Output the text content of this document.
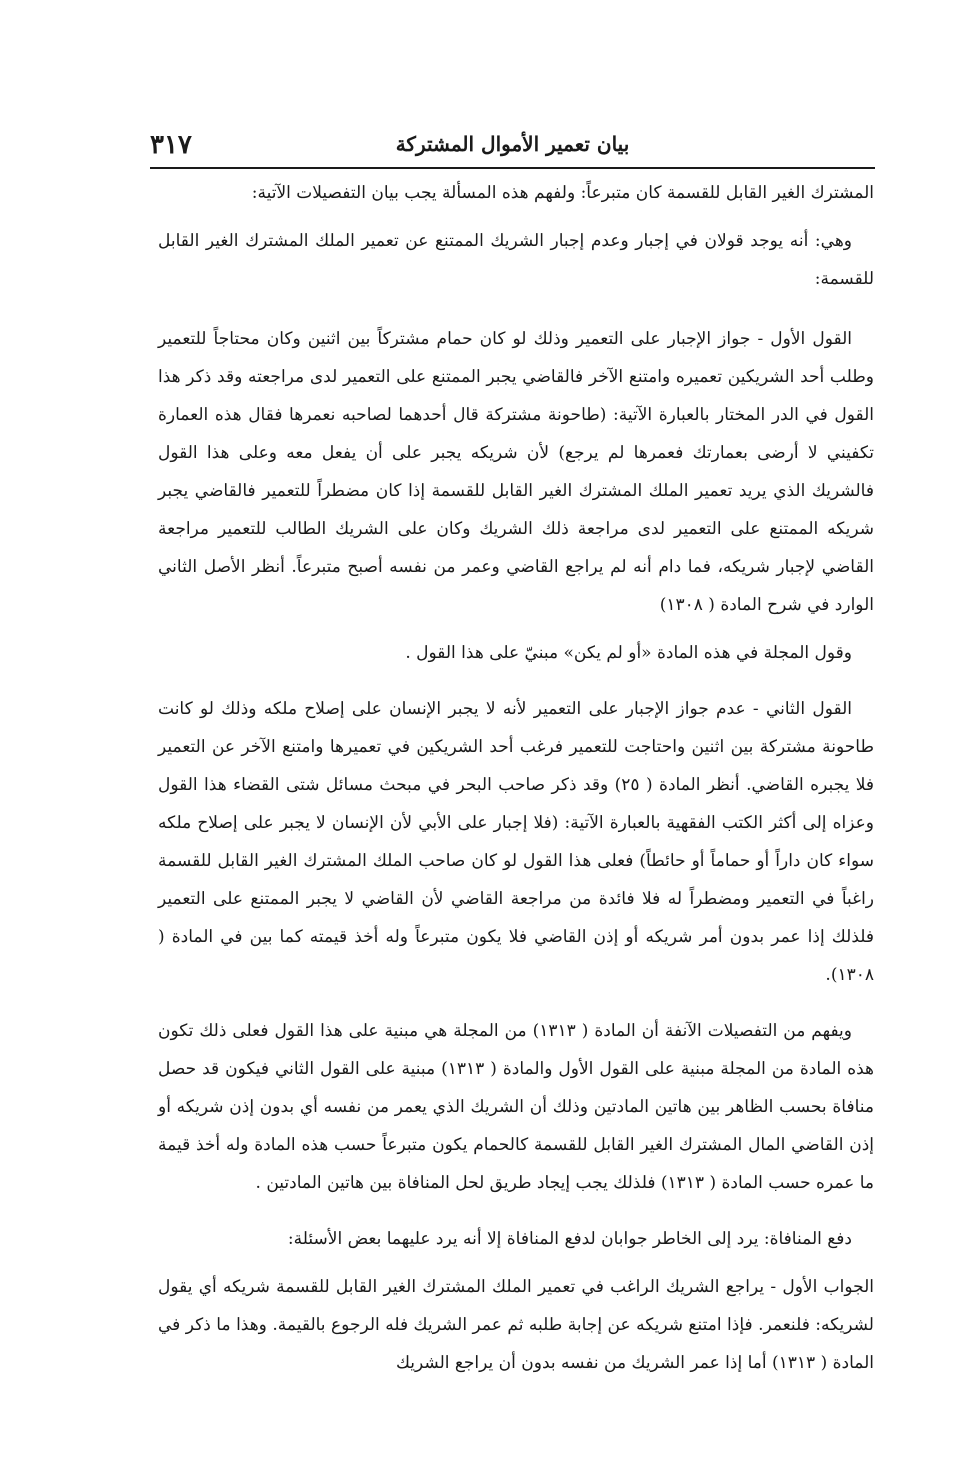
٣١٧	بيان تعمير الأموال المشتركة

المشترك الغير القابل للقسمة كان متبرعاً: ولفهم هذه المسألة يجب بيان التفصيلات الآتية:

وهي: أنه يوجد قولان في إجبار وعدم إجبار الشريك الممتنع عن تعمير الملك المشترك الغير القابل للقسمة:

القول الأول - جواز الإجبار على التعمير وذلك لو كان حمام مشتركاً بين اثنين وكان محتاجاً للتعمير وطلب أحد الشريكين تعميره وامتنع الآخر فالقاضي يجبر الممتنع على التعمير لدى مراجعته وقد ذكر هذا القول في الدر المختار بالعبارة الآتية: (طاحونة مشتركة قال أحدهما لصاحبه نعمرها فقال هذه العمارة تكفيني لا أرضى بعمارتك فعمرها لم يرجع) لأن شريكه يجبر على أن يفعل معه وعلى هذا القول فالشريك الذي يريد تعمير الملك المشترك الغير القابل للقسمة إذا كان مضطراً للتعمير فالقاضي يجبر شريكه الممتنع على التعمير لدى مراجعة ذلك الشريك وكان على الشريك الطالب للتعمير مراجعة القاضي لإجبار شريكه، فما دام أنه لم يراجع القاضي وعمر من نفسه أصبح متبرعاً. أنظر الأصل الثاني الوارد في شرح المادة ( ١٣٠٨)

وقول المجلة في هذه المادة «أو لم يكن» مبنيّ على هذا القول .

القول الثاني - عدم جواز الإجبار على التعمير لأنه لا يجبر الإنسان على إصلاح ملكه وذلك لو كانت طاحونة مشتركة بين اثنين واحتاجت للتعمير فرغب أحد الشريكين في تعميرها وامتنع الآخر عن التعمير فلا يجبره القاضي. أنظر المادة ( ٢٥) وقد ذكر صاحب البحر في مبحث مسائل شتى القضاء هذا القول وعزاه إلى أكثر الكتب الفقهية بالعبارة الآتية: (فلا إجبار على الأبي لأن الإنسان لا يجبر على إصلاح ملكه سواء كان داراً أو حماماً أو حائطاً) فعلى هذا القول لو كان صاحب الملك المشترك الغير القابل للقسمة راغباً في التعمير ومضطراً له فلا فائدة من مراجعة القاضي لأن القاضي لا يجبر الممتنع على التعمير فلذلك إذا عمر بدون أمر شريكه أو إذن القاضي فلا يكون متبرعاً وله أخذ قيمته كما بين في المادة ( ١٣٠٨).

ويفهم من التفصيلات الآنفة أن المادة ( ١٣١٣) من المجلة هي مبنية على هذا القول فعلى ذلك تكون هذه المادة من المجلة مبنية على القول الأول والمادة ( ١٣١٣) مبنية على القول الثاني فيكون قد حصل منافاة بحسب الظاهر بين هاتين المادتين وذلك أن الشريك الذي يعمر من نفسه أي بدون إذن شريكه أو إذن القاضي المال المشترك الغير القابل للقسمة كالحمام يكون متبرعاً حسب هذه المادة وله أخذ قيمة ما عمره حسب المادة ( ١٣١٣) فلذلك يجب إيجاد طريق لحل المنافاة بين هاتين المادتين .

دفع المنافاة: يرد إلى الخاطر جوابان لدفع المنافاة إلا أنه يرد عليهما بعض الأسئلة:

الجواب الأول - يراجع الشريك الراغب في تعمير الملك المشترك الغير القابل للقسمة شريكه أي يقول لشريكه: فلنعمر. فإذا امتنع شريكه عن إجابة طلبه ثم عمر الشريك فله الرجوع بالقيمة. وهذا ما ذكر في المادة ( ١٣١٣) أما إذا عمر الشريك من نفسه بدون أن يراجع الشريك
